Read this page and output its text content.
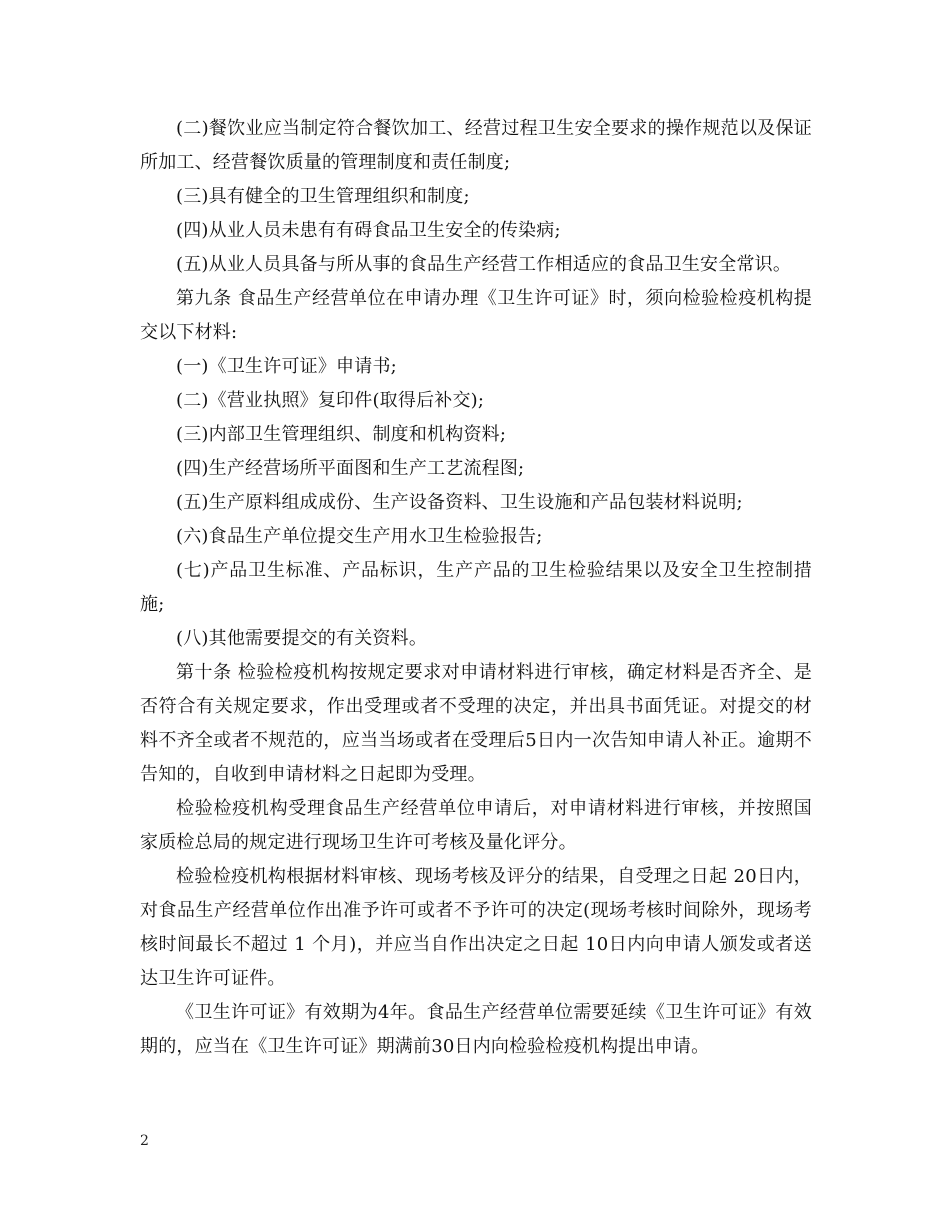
(二)餐饮业应当制定符合餐饮加工、经营过程卫生安全要求的操作规范以及保证所加工、经营餐饮质量的管理制度和责任制度;

(三)具有健全的卫生管理组织和制度;

(四)从业人员未患有有碍食品卫生安全的传染病;

(五)从业人员具备与所从事的食品生产经营工作相适应的食品卫生安全常识。

第九条 食品生产经营单位在申请办理《卫生许可证》时，须向检验检疫机构提交以下材料:

(一)《卫生许可证》申请书;

(二)《营业执照》复印件(取得后补交);

(三)内部卫生管理组织、制度和机构资料;

(四)生产经营场所平面图和生产工艺流程图;

(五)生产原料组成成份、生产设备资料、卫生设施和产品包装材料说明;

(六)食品生产单位提交生产用水卫生检验报告;

(七)产品卫生标准、产品标识，生产产品的卫生检验结果以及安全卫生控制措施;

(八)其他需要提交的有关资料。

第十条 检验检疫机构按规定要求对申请材料进行审核，确定材料是否齐全、是否符合有关规定要求，作出受理或者不受理的决定，并出具书面凭证。对提交的材料不齐全或者不规范的，应当当场或者在受理后5日内一次告知申请人补正。逾期不告知的，自收到申请材料之日起即为受理。

检验检疫机构受理食品生产经营单位申请后，对申请材料进行审核，并按照国家质检总局的规定进行现场卫生许可考核及量化评分。

检验检疫机构根据材料审核、现场考核及评分的结果，自受理之日起 20日内，对食品生产经营单位作出准予许可或者不予许可的决定(现场考核时间除外，现场考核时间最长不超过 1 个月)，并应当自作出决定之日起 10日内向申请人颁发或者送达卫生许可证件。

《卫生许可证》有效期为4年。食品生产经营单位需要延续《卫生许可证》有效期的，应当在《卫生许可证》期满前30日内向检验检疫机构提出申请。

2
